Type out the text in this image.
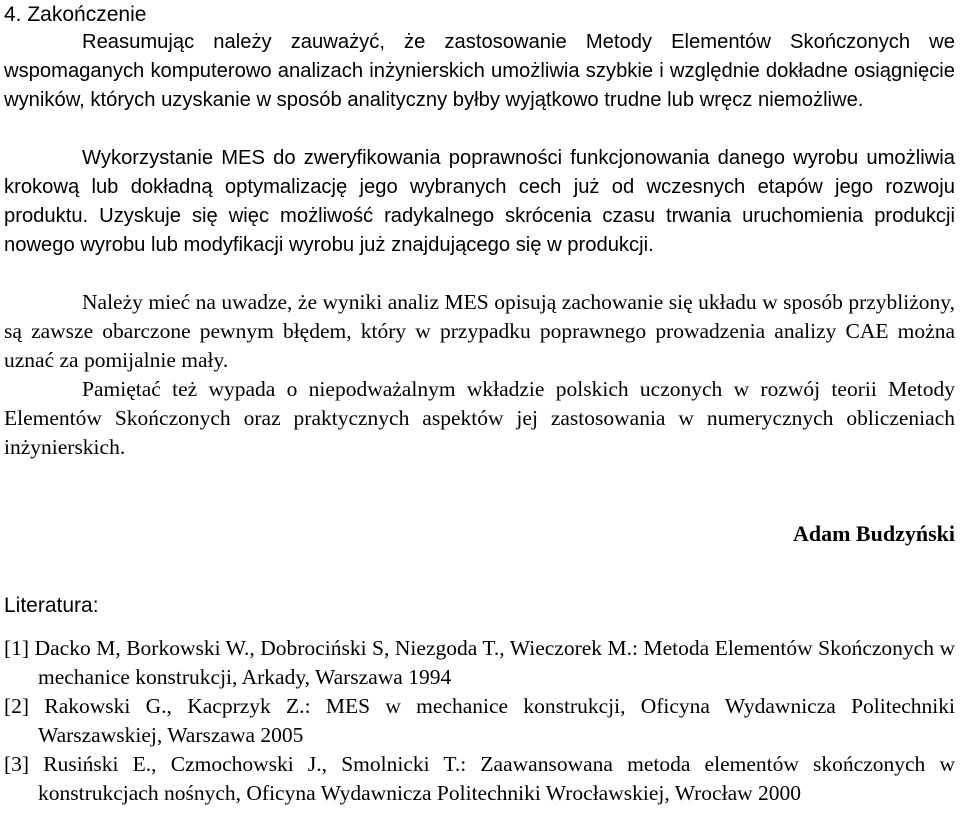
4. Zakończenie

Reasumując należy zauważyć, że zastosowanie Metody Elementów Skończonych we wspomaganych komputerowo analizach inżynierskich umożliwia szybkie i względnie dokładne osiągnięcie wyników, których uzyskanie w sposób analityczny byłby wyjątkowo trudne lub wręcz niemożliwe.

Wykorzystanie MES do zweryfikowania poprawności funkcjonowania danego wyrobu umożliwia krokową lub dokładną optymalizację jego wybranych cech już od wczesnych etapów jego rozwoju produktu. Uzyskuje się więc możliwość radykalnego skrócenia czasu trwania uruchomienia produkcji nowego wyrobu lub modyfikacji wyrobu już znajdującego się w produkcji.

Należy mieć na uwadze, że wyniki analiz MES opisują zachowanie się układu w sposób przybliżony, są zawsze obarczone pewnym błędem, który w przypadku poprawnego prowadzenia analizy CAE można uznać za pomijalnie mały.

Pamiętać też wypada o niepodważalnym wkładzie polskich uczonych w rozwój teorii Metody Elementów Skończonych oraz praktycznych aspektów jej zastosowania w numerycznych obliczeniach inżynierskich.

Adam Budzyński
Literatura:
[1] Dacko M, Borkowski W., Dobrociński S, Niezgoda T., Wieczorek M.: Metoda Elementów Skończonych w mechanice konstrukcji, Arkady, Warszawa 1994
[2] Rakowski G., Kacprzyk Z.: MES w mechanice konstrukcji, Oficyna Wydawnicza Politechniki Warszawskiej, Warszawa 2005
[3] Rusiński E., Czmochowski J., Smolnicki T.: Zaawansowana metoda elementów skończonych w konstrukcjach nośnych, Oficyna Wydawnicza Politechniki Wrocławskiej, Wrocław 2000
